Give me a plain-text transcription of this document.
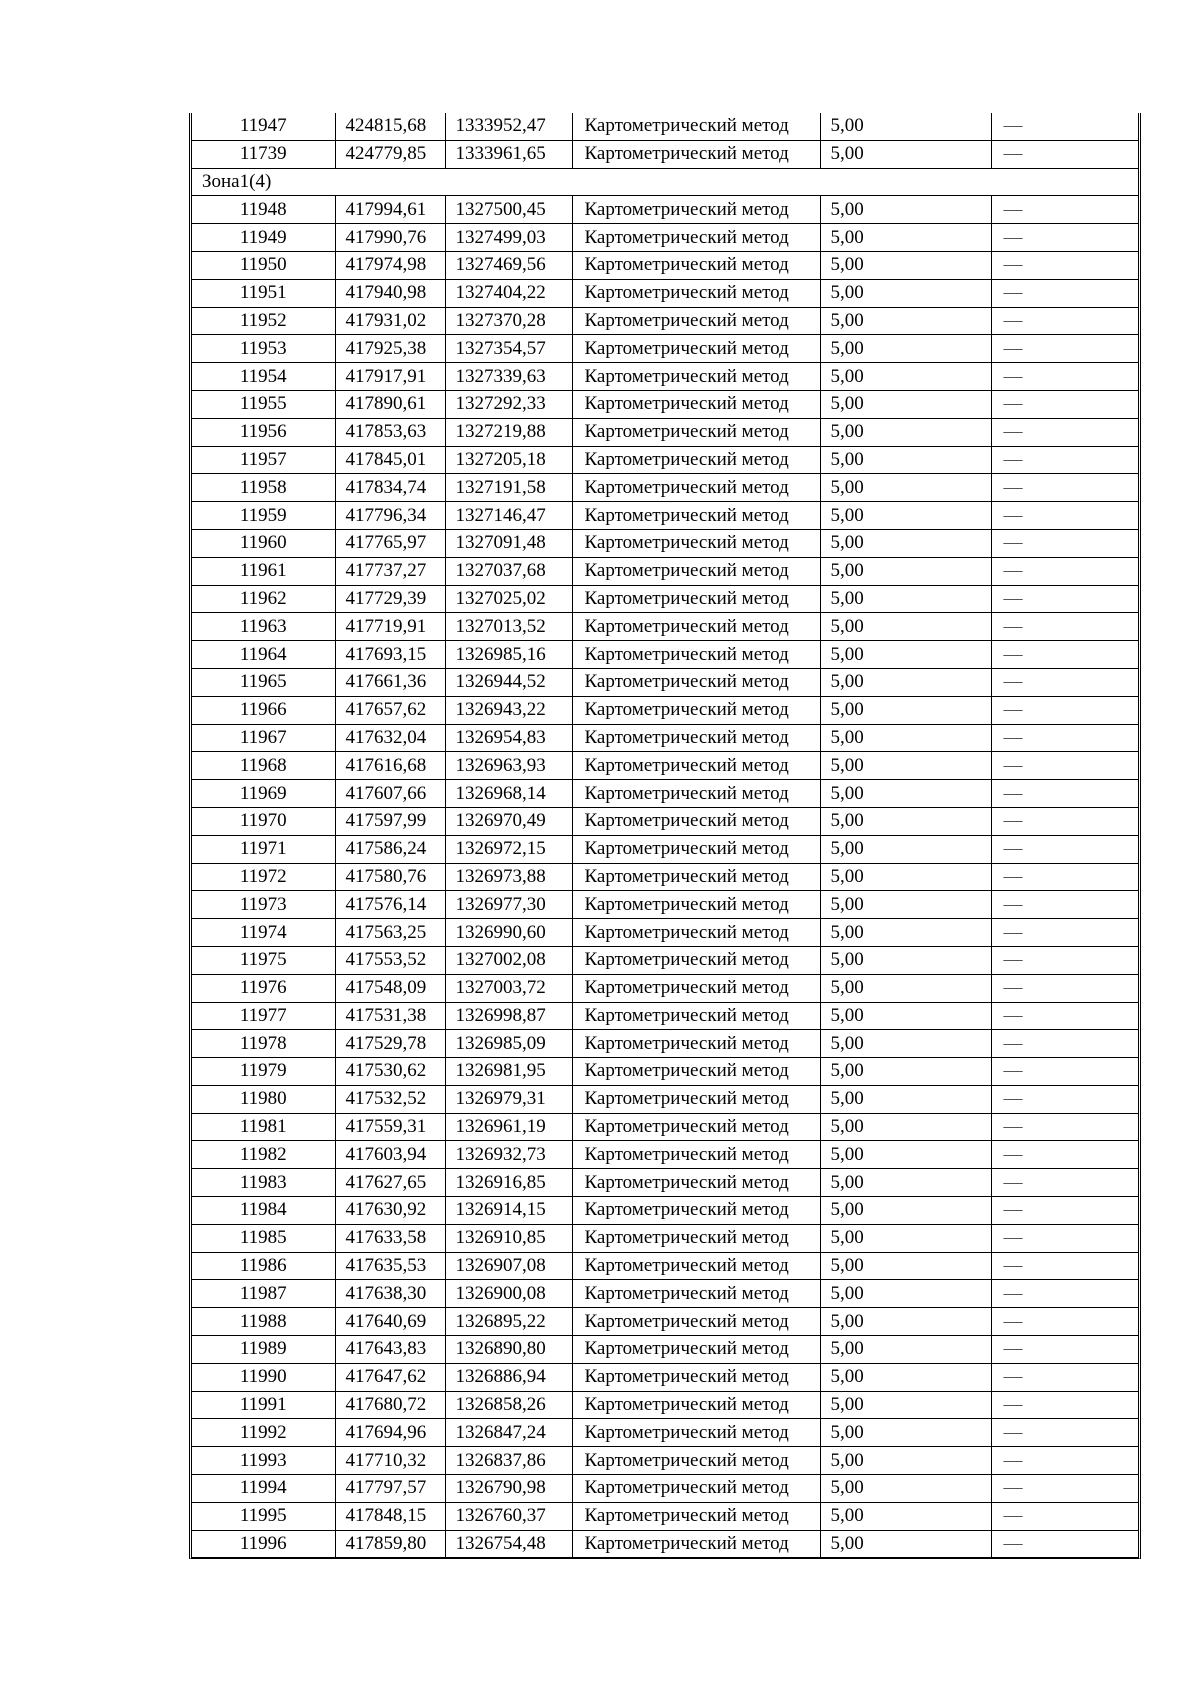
11947	424815,68	1333952,47	Картометрический метод	5,00	—
11739	424779,85	1333961,65	Картометрический метод	5,00	—
Зона1(4)					
11948	417994,61	1327500,45	Картометрический метод	5,00	—
11949	417990,76	1327499,03	Картометрический метод	5,00	—
11950	417974,98	1327469,56	Картометрический метод	5,00	—
11951	417940,98	1327404,22	Картометрический метод	5,00	—
11952	417931,02	1327370,28	Картометрический метод	5,00	—
11953	417925,38	1327354,57	Картометрический метод	5,00	—
11954	417917,91	1327339,63	Картометрический метод	5,00	—
11955	417890,61	1327292,33	Картометрический метод	5,00	—
11956	417853,63	1327219,88	Картометрический метод	5,00	—
11957	417845,01	1327205,18	Картометрический метод	5,00	—
11958	417834,74	1327191,58	Картометрический метод	5,00	—
11959	417796,34	1327146,47	Картометрический метод	5,00	—
11960	417765,97	1327091,48	Картометрический метод	5,00	—
11961	417737,27	1327037,68	Картометрический метод	5,00	—
11962	417729,39	1327025,02	Картометрический метод	5,00	—
11963	417719,91	1327013,52	Картометрический метод	5,00	—
11964	417693,15	1326985,16	Картометрический метод	5,00	—
11965	417661,36	1326944,52	Картометрический метод	5,00	—
11966	417657,62	1326943,22	Картометрический метод	5,00	—
11967	417632,04	1326954,83	Картометрический метод	5,00	—
11968	417616,68	1326963,93	Картометрический метод	5,00	—
11969	417607,66	1326968,14	Картометрический метод	5,00	—
11970	417597,99	1326970,49	Картометрический метод	5,00	—
11971	417586,24	1326972,15	Картометрический метод	5,00	—
11972	417580,76	1326973,88	Картометрический метод	5,00	—
11973	417576,14	1326977,30	Картометрический метод	5,00	—
11974	417563,25	1326990,60	Картометрический метод	5,00	—
11975	417553,52	1327002,08	Картометрический метод	5,00	—
11976	417548,09	1327003,72	Картометрический метод	5,00	—
11977	417531,38	1326998,87	Картометрический метод	5,00	—
11978	417529,78	1326985,09	Картометрический метод	5,00	—
11979	417530,62	1326981,95	Картометрический метод	5,00	—
11980	417532,52	1326979,31	Картометрический метод	5,00	—
11981	417559,31	1326961,19	Картометрический метод	5,00	—
11982	417603,94	1326932,73	Картометрический метод	5,00	—
11983	417627,65	1326916,85	Картометрический метод	5,00	—
11984	417630,92	1326914,15	Картометрический метод	5,00	—
11985	417633,58	1326910,85	Картометрический метод	5,00	—
11986	417635,53	1326907,08	Картометрический метод	5,00	—
11987	417638,30	1326900,08	Картометрический метод	5,00	—
11988	417640,69	1326895,22	Картометрический метод	5,00	—
11989	417643,83	1326890,80	Картометрический метод	5,00	—
11990	417647,62	1326886,94	Картометрический метод	5,00	—
11991	417680,72	1326858,26	Картометрический метод	5,00	—
11992	417694,96	1326847,24	Картометрический метод	5,00	—
11993	417710,32	1326837,86	Картометрический метод	5,00	—
11994	417797,57	1326790,98	Картометрический метод	5,00	—
11995	417848,15	1326760,37	Картометрический метод	5,00	—
11996	417859,80	1326754,48	Картометрический метод	5,00	—
